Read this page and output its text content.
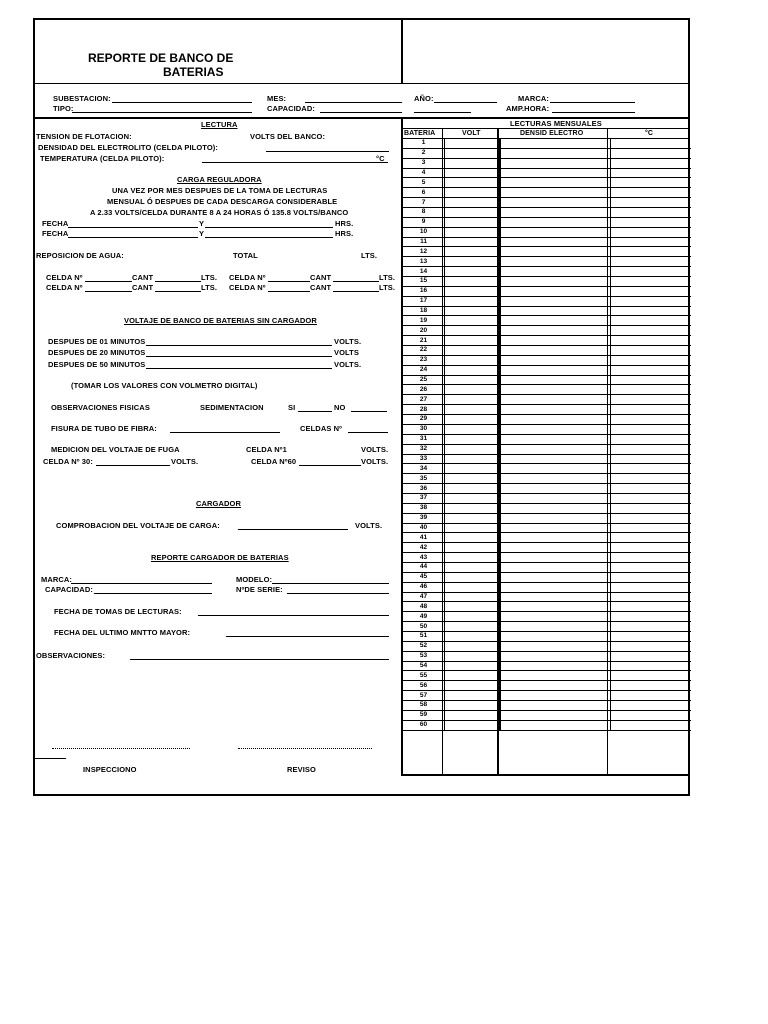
REPORTE DE BANCO DE
BATERIAS
SUBESTACION:
TIPO:
MES:
CAPACIDAD:
AÑO:	MARCA:
AMP.HORA:
LECTURA
TENSION DE FLOTACION:	VOLTS DEL BANCO:
DENSIDAD DEL ELECTROLITO (CELDA PILOTO):
TEMPERATURA (CELDA PILOTO):	°C
CARGA REGULADORA
UNA VEZ POR MES DESPUES DE LA TOMA DE LECTURAS
MENSUAL Ó DESPUES DE CADA DESCARGA CONSIDERABLE
A 2.33 VOLTS/CELDA DURANTE 8 A 24 HORAS Ó 135.8 VOLTS/BANCO
FECHA	Y	HRS.
FECHA	Y	HRS.
REPOSICION DE AGUA:	TOTAL	LTS.
CELDA Nº	CANT	LTS. CELDA Nº	CANT	LTS.
CELDA Nº	CANT	LTS. CELDA Nº	CANT	LTS.
VOLTAJE DE BANCO DE BATERIAS SIN CARGADOR
DESPUES DE 01 MINUTOS	VOLTS.
DESPUES DE 20 MINUTOS	VOLTS
DESPUES DE 50 MINUTOS	VOLTS.
(TOMAR LOS VALORES CON VOLMETRO DIGITAL)
OBSERVACIONES FISICAS	SEDIMENTACION	SI	NO
FISURA DE TUBO DE FIBRA:	CELDAS Nº
MEDICION DEL VOLTAJE DE FUGA	CELDA Nº1	VOLTS.
CELDA Nº 30:	VOLTS.	CELDA Nº60	VOLTS.
CARGADOR
COMPROBACION DEL VOLTAJE DE CARGA:	VOLTS.
REPORTE CARGADOR DE BATERIAS
MARCA:	MODELO:
CAPACIDAD:	NºDE SERIE:
FECHA DE TOMAS DE LECTURAS:
FECHA DEL ULTIMO MNTTO MAYOR:
OBSERVACIONES:
INSPECCIONO	REVISO
LECTURAS MENSUALES
BATERIA	VOLT	DENSID ELECTRO	°C
1			
2			
3			
4			
5			
6			
7			
8			
9			
10			
11			
12			
13			
14			
15			
16			
17			
18			
19			
20			
21			
22			
23			
24			
25			
26			
27			
28			
29			
30			
31			
32			
33			
34			
35			
36			
37			
38			
39			
40			
41			
42			
43			
44			
45			
46			
47			
48			
49			
50			
51			
52			
53			
54			
55			
56			
57			
58			
59			
60			
